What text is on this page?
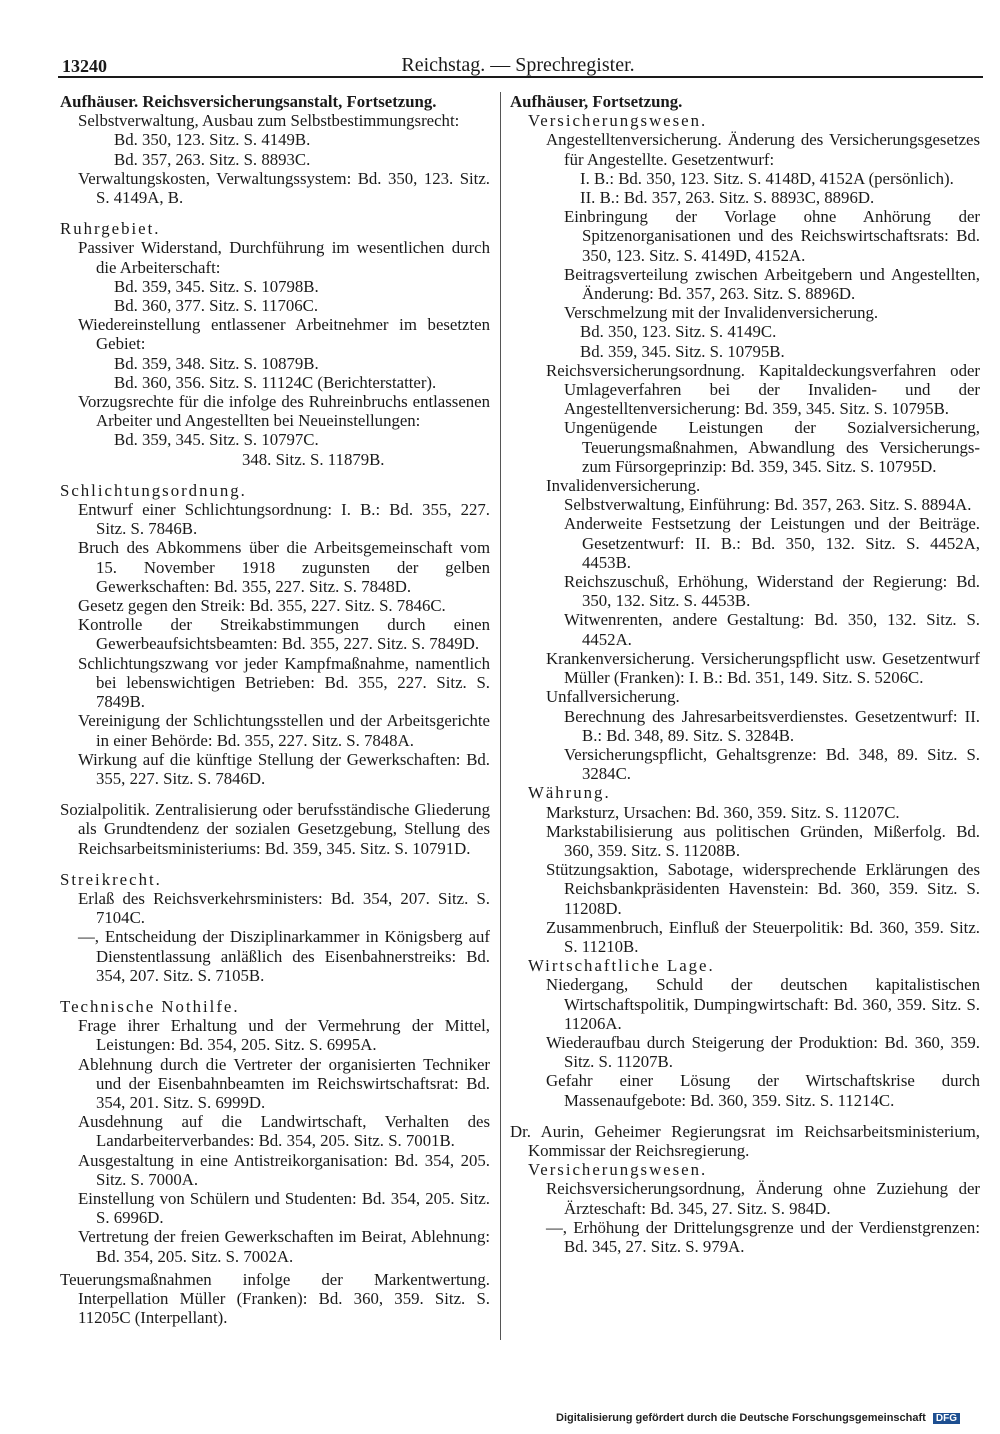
13240	Reichstag. — Sprechregister.

Aufhäuser. Reichsversicherungsanstalt, Fortsetzung.

Selbstverwaltung, Ausbau zum Selbstbestimmungsrecht:

Bd. 350, 123. Sitz. S. 4149B.

Bd. 357, 263. Sitz. S. 8893C.

Verwaltungskosten, Verwaltungssystem: Bd. 350, 123. Sitz. S. 4149A, B.

Ruhrgebiet.

Passiver Widerstand, Durchführung im wesentlichen durch die Arbeiterschaft:

Bd. 359, 345. Sitz. S. 10798B.

Bd. 360, 377. Sitz. S. 11706C.

Wiedereinstellung entlassener Arbeitnehmer im besetzten Gebiet:

Bd. 359, 348. Sitz. S. 10879B.

Bd. 360, 356. Sitz. S. 11124C (Berichterstatter).

Vorzugsrechte für die infolge des Ruhreinbruchs entlassenen Arbeiter und Angestellten bei Neueinstellungen:

Bd. 359, 345. Sitz. S. 10797C.

348. Sitz. S. 11879B.

Schlichtungsordnung.

Entwurf einer Schlichtungsordnung: I. B.: Bd. 355, 227. Sitz. S. 7846B.

Bruch des Abkommens über die Arbeitsgemeinschaft vom 15. November 1918 zugunsten der gelben Gewerkschaften: Bd. 355, 227. Sitz. S. 7848D.

Gesetz gegen den Streik: Bd. 355, 227. Sitz. S. 7846C.

Kontrolle der Streikabstimmungen durch einen Gewerbeaufsichtsbeamten: Bd. 355, 227. Sitz. S. 7849D.

Schlichtungszwang vor jeder Kampfmaßnahme, namentlich bei lebenswichtigen Betrieben: Bd. 355, 227. Sitz. S. 7849B.

Vereinigung der Schlichtungsstellen und der Arbeitsgerichte in einer Behörde: Bd. 355, 227. Sitz. S. 7848A.

Wirkung auf die künftige Stellung der Gewerkschaften: Bd. 355, 227. Sitz. S. 7846D.

Sozialpolitik. Zentralisierung oder berufsständische Gliederung als Grundtendenz der sozialen Gesetzgebung, Stellung des Reichsarbeitsministeriums: Bd. 359, 345. Sitz. S. 10791D.

Streikrecht.

Erlaß des Reichsverkehrsministers: Bd. 354, 207. Sitz. S. 7104C.

—, Entscheidung der Disziplinarkammer in Königsberg auf Dienstentlassung anläßlich des Eisenbahnerstreiks: Bd. 354, 207. Sitz. S. 7105B.

Technische Nothilfe.

Frage ihrer Erhaltung und der Vermehrung der Mittel, Leistungen: Bd. 354, 205. Sitz. S. 6995A.

Ablehnung durch die Vertreter der organisierten Techniker und der Eisenbahnbeamten im Reichswirtschaftsrat: Bd. 354, 201. Sitz. S. 6999D.

Ausdehnung auf die Landwirtschaft, Verhalten des Landarbeiterverbandes: Bd. 354, 205. Sitz. S. 7001B.

Ausgestaltung in eine Antistreikorganisation: Bd. 354, 205. Sitz. S. 7000A.

Einstellung von Schülern und Studenten: Bd. 354, 205. Sitz. S. 6996D.

Vertretung der freien Gewerkschaften im Beirat, Ablehnung: Bd. 354, 205. Sitz. S. 7002A.

Teuerungsmaßnahmen infolge der Markentwertung. Interpellation Müller (Franken): Bd. 360, 359. Sitz. S. 11205C (Interpellant).

Aufhäuser, Fortsetzung.

Versicherungswesen.

Angestelltenversicherung. Änderung des Versicherungsgesetzes für Angestellte. Gesetzentwurf:

I. B.: Bd. 350, 123. Sitz. S. 4148D, 4152A (persönlich).

II. B.: Bd. 357, 263. Sitz. S. 8893C, 8896D.

Einbringung der Vorlage ohne Anhörung der Spitzenorganisationen und des Reichswirtschaftsrats: Bd. 350, 123. Sitz. S. 4149D, 4152A.

Beitragsverteilung zwischen Arbeitgebern und Angestellten, Änderung: Bd. 357, 263. Sitz. S. 8896D.

Verschmelzung mit der Invalidenversicherung.

Bd. 350, 123. Sitz. S. 4149C.

Bd. 359, 345. Sitz. S. 10795B.

Reichsversicherungsordnung. Kapitaldeckungsverfahren oder Umlageverfahren bei der Invaliden- und der Angestelltenversicherung: Bd. 359, 345. Sitz. S. 10795B.

Ungenügende Leistungen der Sozialversicherung, Teuerungsmaßnahmen, Abwandlung des Versicherungs- zum Fürsorgeprinzip: Bd. 359, 345. Sitz. S. 10795D.

Invalidenversicherung.

Selbstverwaltung, Einführung: Bd. 357, 263. Sitz. S. 8894A.

Anderweite Festsetzung der Leistungen und der Beiträge. Gesetzentwurf: II. B.: Bd. 350, 132. Sitz. S. 4452A, 4453B.

Reichszuschuß, Erhöhung, Widerstand der Regierung: Bd. 350, 132. Sitz. S. 4453B.

Witwenrenten, andere Gestaltung: Bd. 350, 132. Sitz. S. 4452A.

Krankenversicherung. Versicherungspflicht usw. Gesetzentwurf Müller (Franken): I. B.: Bd. 351, 149. Sitz. S. 5206C.

Unfallversicherung.

Berechnung des Jahresarbeitsverdienstes. Gesetzentwurf: II. B.: Bd. 348, 89. Sitz. S. 3284B.

Versicherungspflicht, Gehaltsgrenze: Bd. 348, 89. Sitz. S. 3284C.

Währung.

Marksturz, Ursachen: Bd. 360, 359. Sitz. S. 11207C.

Markstabilisierung aus politischen Gründen, Mißerfolg. Bd. 360, 359. Sitz. S. 11208B.

Stützungsaktion, Sabotage, widersprechende Erklärungen des Reichsbankpräsidenten Havenstein: Bd. 360, 359. Sitz. S. 11208D.

Zusammenbruch, Einfluß der Steuerpolitik: Bd. 360, 359. Sitz. S. 11210B.

Wirtschaftliche Lage.

Niedergang, Schuld der deutschen kapitalistischen Wirtschaftspolitik, Dumpingwirtschaft: Bd. 360, 359. Sitz. S. 11206A.

Wiederaufbau durch Steigerung der Produktion: Bd. 360, 359. Sitz. S. 11207B.

Gefahr einer Lösung der Wirtschaftskrise durch Massenaufgebote: Bd. 360, 359. Sitz. S. 11214C.

Dr. Aurin, Geheimer Regierungsrat im Reichsarbeitsministerium, Kommissar der Reichsregierung.

Versicherungswesen.

Reichsversicherungsordnung, Änderung ohne Zuziehung der Ärzteschaft: Bd. 345, 27. Sitz. S. 984D.

—, Erhöhung der Drittelungsgrenze und der Verdienstgrenzen: Bd. 345, 27. Sitz. S. 979A.

Digitalisierung gefördert durch die Deutsche Forschungsgemeinschaft DFG
